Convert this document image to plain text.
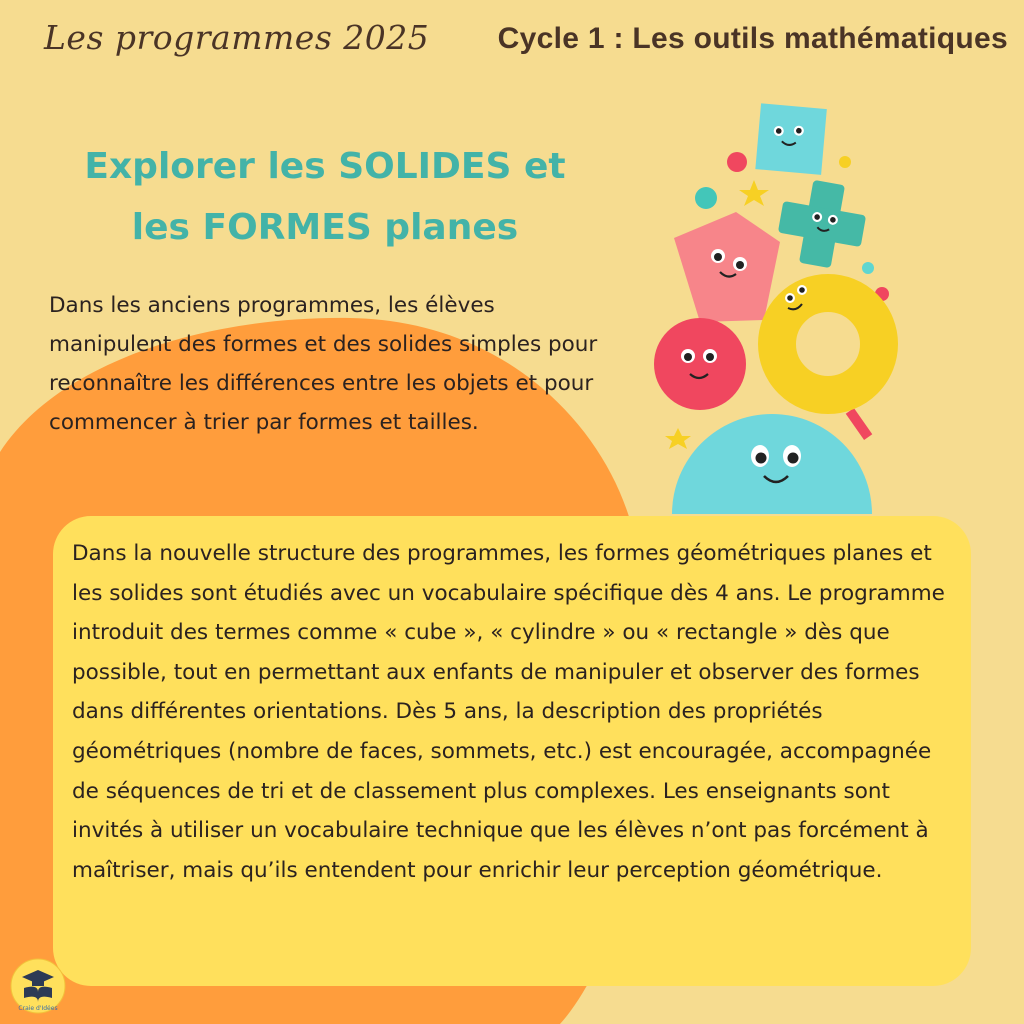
Les programmes 2025 Cycle 1 : Les outils mathématiques
Explorer les SOLIDES et
les FORMES planes
Dans les anciens programmes, les élèves manipulent des formes et des solides simples pour reconnaître les différences entre les objets et pour commencer à trier par formes et tailles.
Dans la nouvelle structure des programmes, les formes géométriques planes et les solides sont étudiés avec un vocabulaire spécifique dès 4 ans. Le programme introduit des termes comme « cube », « cylindre » ou « rectangle » dès que possible, tout en permettant aux enfants de manipuler et observer des formes dans différentes orientations. Dès 5 ans, la description des propriétés géométriques (nombre de faces, sommets, etc.) est encouragée, accompagnée de séquences de tri et de classement plus complexes. Les enseignants sont invités à utiliser un vocabulaire technique que les élèves n’ont pas forcément à maîtriser, mais qu’ils entendent pour enrichir leur perception géométrique.
Craie d'Idées
